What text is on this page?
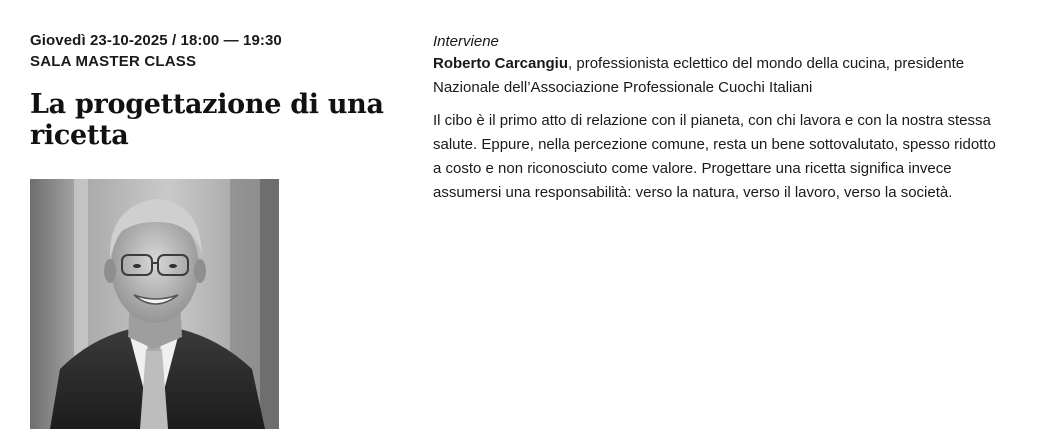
Giovedì 23-10-2025 / 18:00 — 19:30
SALA MASTER CLASS
La progettazione di una ricetta
Interviene
Roberto Carcangiu, professionista eclettico del mondo della cucina, presidente Nazionale dell’Associazione Professionale Cuochi Italiani

Il cibo è il primo atto di relazione con il pianeta, con chi lavora e con la nostra stessa salute. Eppure, nella percezione comune, resta un bene sottovalutato, spesso ridotto a costo e non riconosciuto come valore. Progettare una ricetta significa invece assumersi una responsabilità: verso la natura, verso il lavoro, verso la società.
